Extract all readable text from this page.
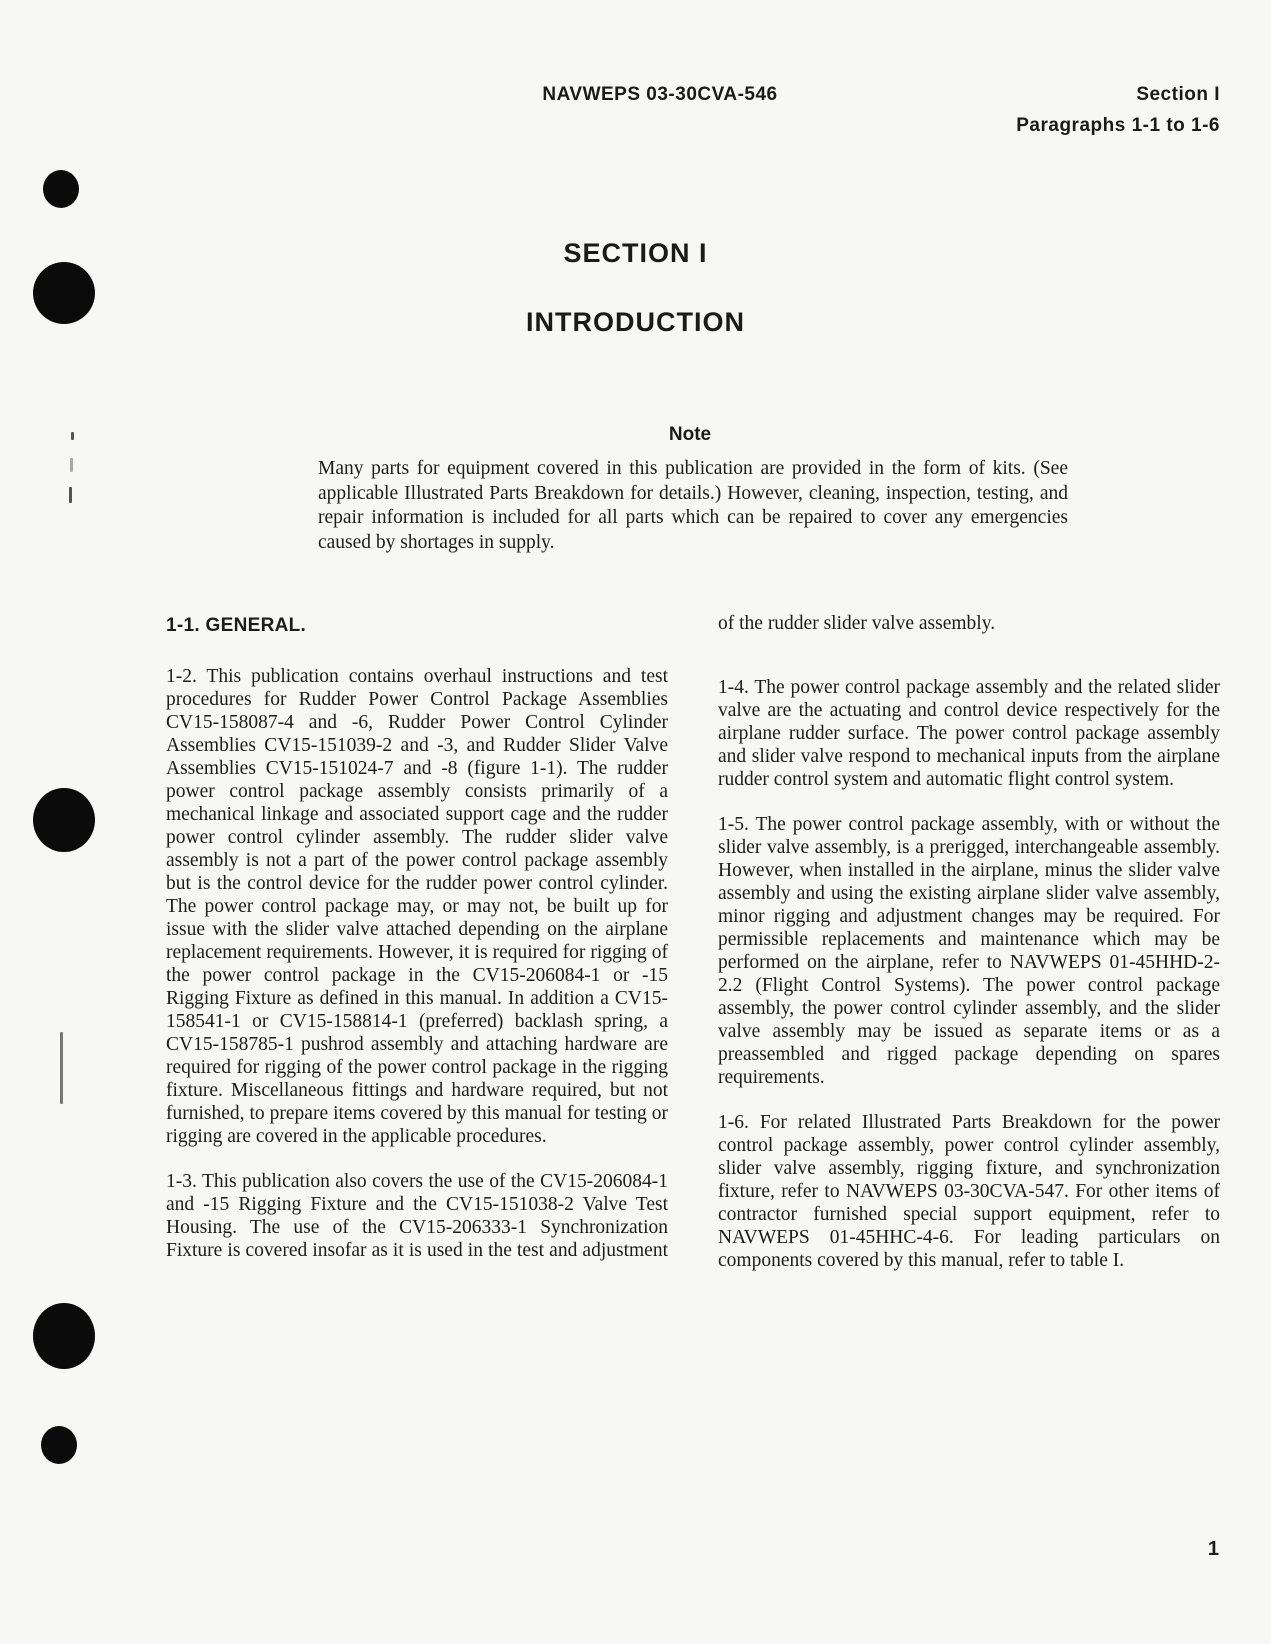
NAVWEPS 03-30CVA-546	Section I
Paragraphs 1-1 to 1-6
SECTION I
INTRODUCTION
Note
Many parts for equipment covered in this publication are provided in the form of kits. (See applicable Illustrated Parts Breakdown for details.) However, cleaning, inspection, testing, and repair information is included for all parts which can be repaired to cover any emergencies caused by shortages in supply.
1-1. GENERAL.

1-2. This publication contains overhaul instructions and test procedures for Rudder Power Control Package Assemblies CV15-158087-4 and -6, Rudder Power Control Cylinder Assemblies CV15-151039-2 and -3, and Rudder Slider Valve Assemblies CV15-151024-7 and -8 (figure 1-1). The rudder power control package assembly consists primarily of a mechanical linkage and associated support cage and the rudder power control cylinder assembly. The rudder slider valve assembly is not a part of the power control package assembly but is the control device for the rudder power control cylinder. The power control package may, or may not, be built up for issue with the slider valve attached depending on the airplane replacement requirements. However, it is required for rigging of the power control package in the CV15-206084-1 or -15 Rigging Fixture as defined in this manual. In addition a CV15-158541-1 or CV15-158814-1 (preferred) backlash spring, a CV15-158785-1 pushrod assembly and attaching hardware are required for rigging of the power control package in the rigging fixture. Miscellaneous fittings and hardware required, but not furnished, to prepare items covered by this manual for testing or rigging are covered in the applicable procedures.

1-3. This publication also covers the use of the CV15-206084-1 and -15 Rigging Fixture and the CV15-151038-2 Valve Test Housing. The use of the CV15-206333-1 Synchronization Fixture is covered insofar as it is used in the test and adjustment

of the rudder slider valve assembly.

1-4. The power control package assembly and the related slider valve are the actuating and control device respectively for the airplane rudder surface. The power control package assembly and slider valve respond to mechanical inputs from the airplane rudder control system and automatic flight control system.

1-5. The power control package assembly, with or without the slider valve assembly, is a prerigged, interchangeable assembly. However, when installed in the airplane, minus the slider valve assembly and using the existing airplane slider valve assembly, minor rigging and adjustment changes may be required. For permissible replacements and maintenance which may be performed on the airplane, refer to NAVWEPS 01-45HHD-2-2.2 (Flight Control Systems). The power control package assembly, the power control cylinder assembly, and the slider valve assembly may be issued as separate items or as a preassembled and rigged package depending on spares requirements.

1-6. For related Illustrated Parts Breakdown for the power control package assembly, power control cylinder assembly, slider valve assembly, rigging fixture, and synchronization fixture, refer to NAVWEPS 03-30CVA-547. For other items of contractor furnished special support equipment, refer to NAVWEPS 01-45HHC-4-6. For leading particulars on components covered by this manual, refer to table I.

1
